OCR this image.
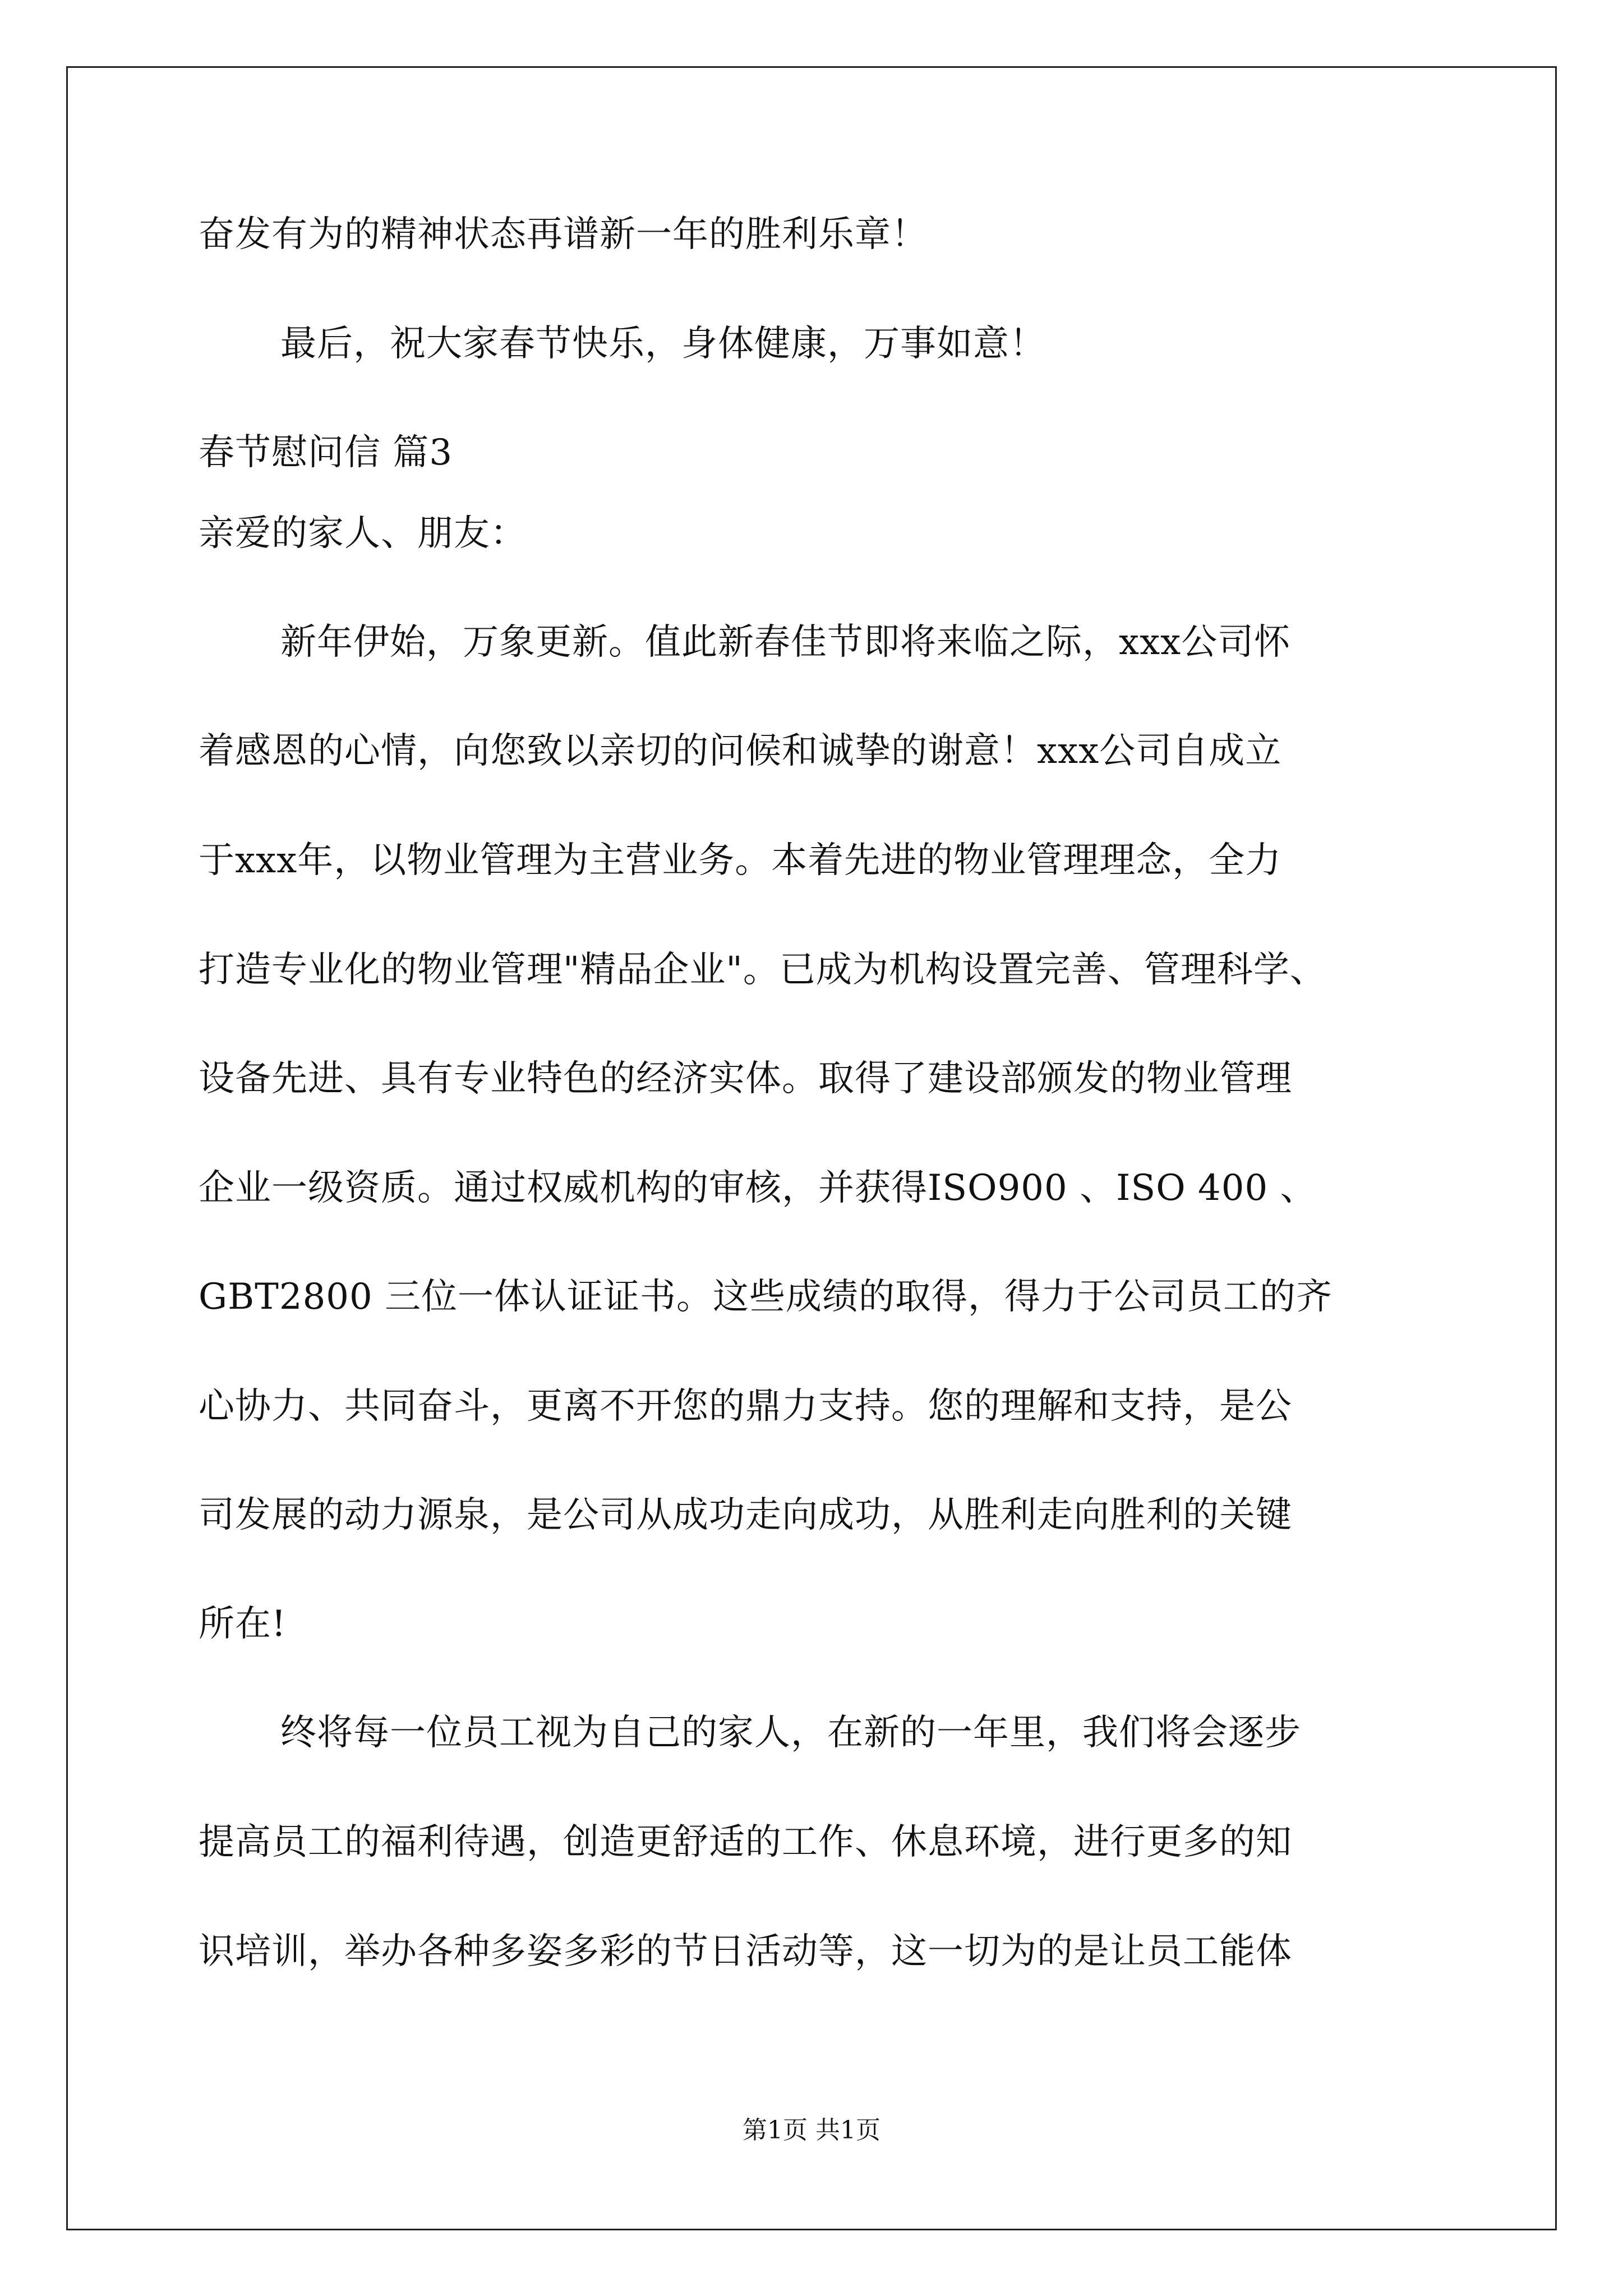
奋发有为的精神状态再谱新一年的胜利乐章！
最后，祝大家春节快乐，身体健康，万事如意！
春节慰问信 篇3
亲爱的家人、朋友：
新年伊始，万象更新。值此新春佳节即将来临之际，xxx公司怀
着感恩的心情，向您致以亲切的问候和诚挚的谢意！xxx公司自成立
于xxx年，以物业管理为主营业务。本着先进的物业管理理念，全力
打造专业化的物业管理"精品企业"。已成为机构设置完善、管理科学、
设备先进、具有专业特色的经济实体。取得了建设部颁发的物业管理
企业一级资质。通过权威机构的审核，并获得ISO900 、ISO 400 、
GBT2800 三位一体认证证书。这些成绩的取得，得力于公司员工的齐
心协力、共同奋斗，更离不开您的鼎力支持。您的理解和支持，是公
司发展的动力源泉，是公司从成功走向成功，从胜利走向胜利的关键
所在!
终将每一位员工视为自己的家人，在新的一年里，我们将会逐步
提高员工的福利待遇，创造更舒适的工作、休息环境，进行更多的知
识培训，举办各种多姿多彩的节日活动等，这一切为的是让员工能体
第1页 共1页
